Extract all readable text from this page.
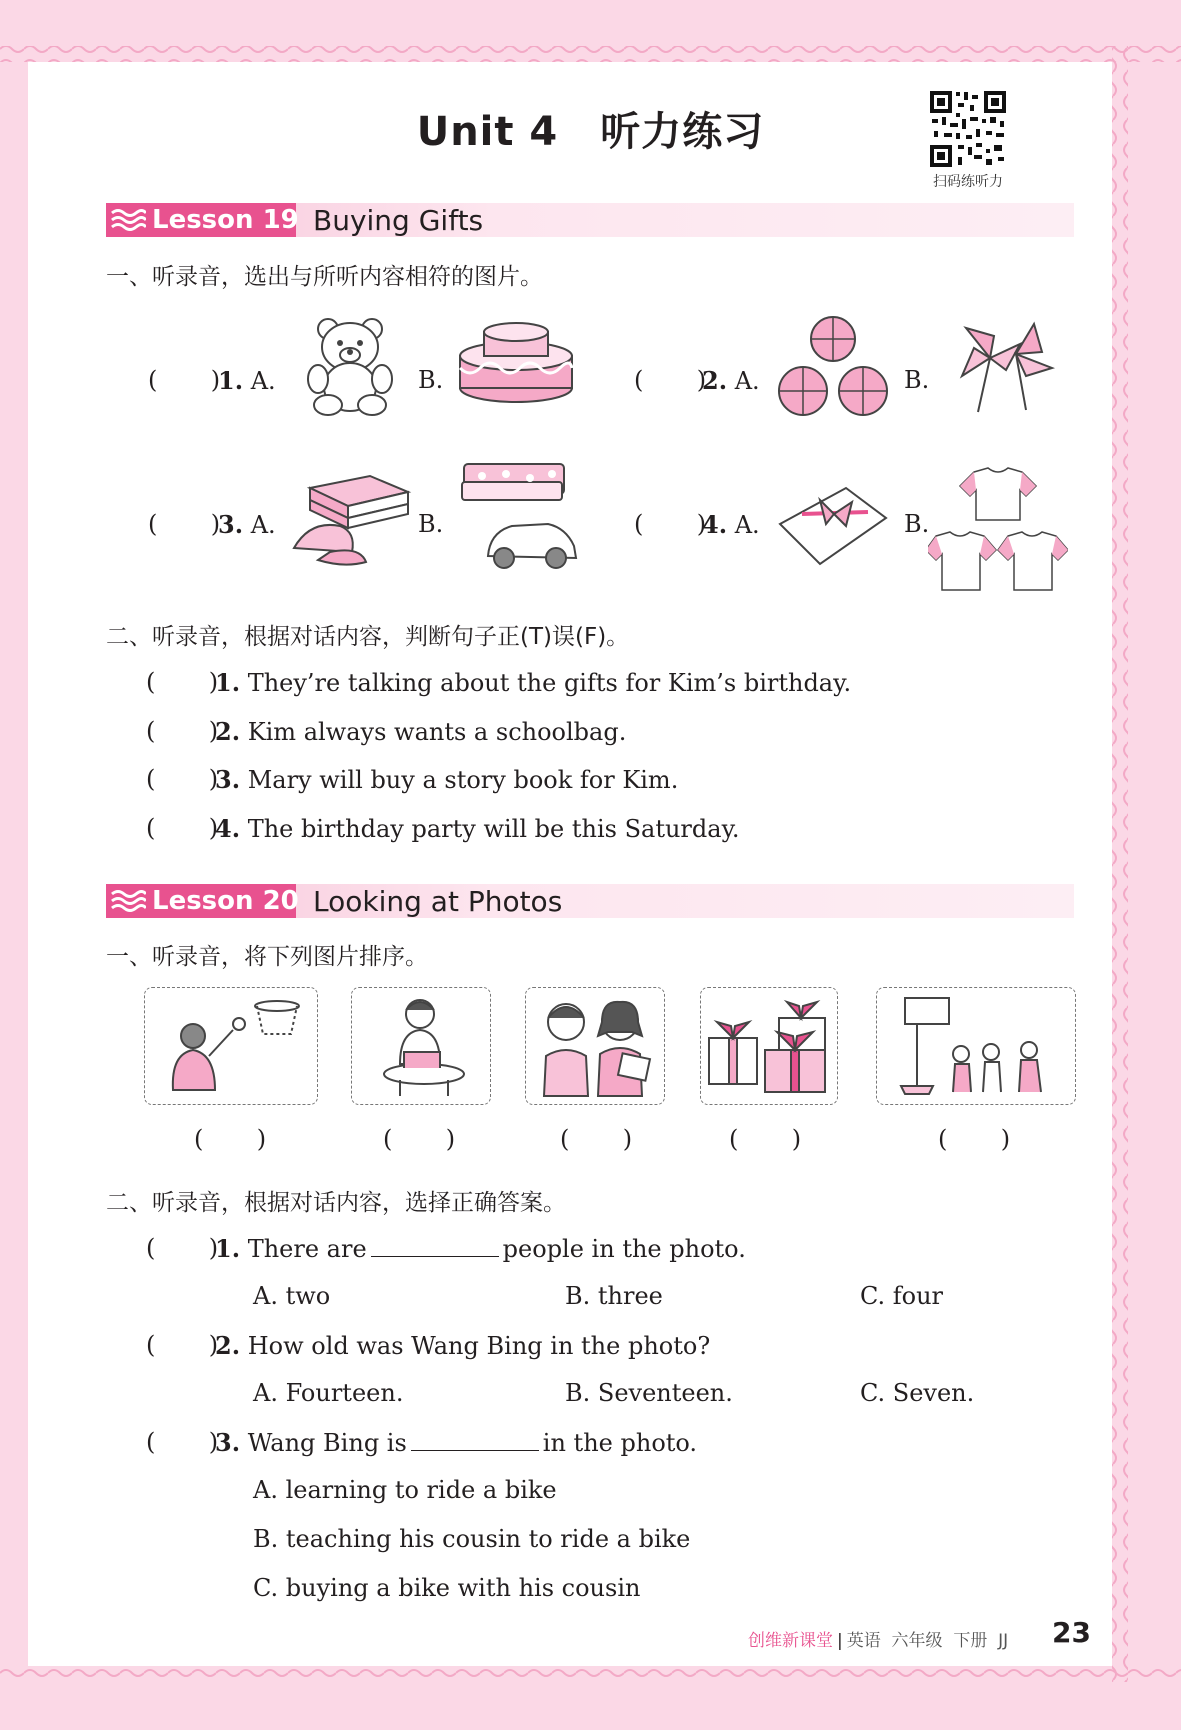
Unit 4 听力练习
扫码练听力
Lesson 19 Buying Gifts
一、听录音，选出与所听内容相符的图片。
(       )
1. A.	B.	(       )
2. A.	B.
(       )
3. A.	B.	(       )
4. A.	B.
二、听录音，根据对话内容，判断句子正(T)误(F)。
(       )
1. They’re talking about the gifts for Kim’s birthday.
(       )
2. Kim always wants a schoolbag.
(       )
3. Mary will buy a story book for Kim.
(       )
4. The birthday party will be this Saturday.
Lesson 20 Looking at Photos
一、听录音，将下列图片排序。
(       )	(       )	(       )	(       )	(       )
二、听录音，根据对话内容，选择正确答案。
(       )
1. There are	people in the photo.
A. two	B. three	C. four
(       )
2. How old was Wang Bing in the photo?
A. Fourteen.	B. Seventeen.	C. Seven.
(       )
3. Wang Bing is	in the photo.
A. learning to ride a bike
B. teaching his cousin to ride a bike
C. buying a bike with his cousin
创维新课堂 | 英语 六年级 下册 JJ 23
